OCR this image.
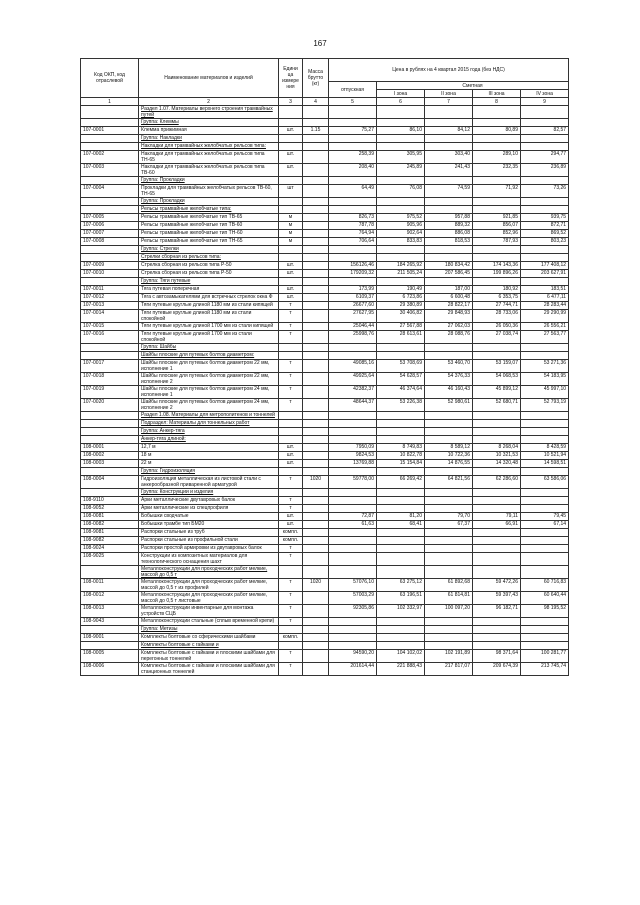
167
Код ОКП, код отраслевой	Наименование материалов и изделий	Едини ца измере ния	Масса брутто (кг)	Цена в рублях на 4 квартал 2015 года (без НДС)				
				отпускная	Сметная			
					I зона	II зона	III зона	IV зона
1	2	3	4	5	6	7	8	9
	Раздел 1.07. Материалы верхнего строения трамвайных путей							
	Группа: Клеммы							
107-0001	Клемма прижимная	шт.	1.15	75,27	86,10	84,12	80,89	82,57
	Группа: Накладки							
	Накладки для трамвайных желобчатых рельсов типа:							
107-0002	Накладки для трамвайных желобчатых рельсов типа ТН-65	шт.		258,39	305,95	303,40	289,10	294,77
107-0003	Накладки для трамвайных желобчатых рельсов типа ТВ-60	шт.		208,40	245,89	241,43	232,35	236,89
	Группа: Прокладки							
107-0004	Прокладки для трамвайных желобчатых рельсов ТВ-60, ТН-65	шт		64,49	76,08	74,59	71,92	73,26
	Группа: Прокладки							
	Рельсы трамвайные желобчатые типа:							
107-0005	Рельсы трамвайные желобчатые тип ТВ-65	м		826,73	975,52	957,88	921,85	939,75
107-0006	Рельсы трамвайные желобчатые тип ТВ-60	м		787,78	905,96	889,32	856,07	872,71
107-0007	Рельсы трамвайные желобчатые тип ТН-60	м		764,94	902,64	886,08	852,96	869,52
107-0008	Рельсы трамвайные желобчатые тип ТН-65	м		706,64	833,83	818,53	787,93	803,23
	Группа: Стрелки							
	Стрелки сборная из рельсов типа:							
107-0009	Стрелка сборная из рельсов типа Р-50	шт.		156126,46	184 265,92	180 834,42	174 143,36	177 408,12
107-0010	Стрелка сборная из рельсов типа Р-50	шт.		179209,32	211 505,24	207 586,45	199 896,26	203 627,91
	Группа: Тяги путевые							
107-0011	Тяга путевая поперечная	шт.		173,99	190,49	187,00	180,92	183,51
107-0012	Тяга с автозамыкателями для встречных стрелок окна Ф	шт.		6109,37	6 723,86	6 600,48	6 353,75	6 477,11
107-0013	Тяги путевые круглые длиной 1180 мм из стали кипящей	т		26677,60	29 380,89	28 822,17	27 744,71	28 283,44
107-0014	Тяги путевые круглые длиной 1180 мм из стали спокойной	т		27627,95	30 406,82	29 848,93	28 733,06	29 290,99
107-0015	Тяги путевые круглые длиной 1700 мм из стали кипящей	т		25046,44	27 567,88	27 062,03	26 050,36	26 556,21
107-0016	Тяги путевые круглые длиной 1700 мм из стали спокойной	т		25998,76	28 613,61	28 088,76	27 038,74	27 563,77
	Группа: Шайбы							
	Шайбы плоские для путевых болтов диаметром:							
107-0017	Шайбы плоские для путевых болтов диаметром 22 мм, исполнение 1	т		49085,16	53 708,69	53 460,70	53 159,07	53 271,36
107-0018	Шайбы плоские для путевых болтов диаметром 22 мм, исполнение 2	т		49925,64	54 628,57	54 376,33	54 068,53	54 183,95
107-0019	Шайбы плоские для путевых болтов диаметром 24 мм, исполнение 1	т		42382,37	46 374,64	46 160,43	45 899,12	45 997,10
107-0020	Шайбы плоские для путевых болтов диаметром 24 мм, исполнение 2	т		48644,37	53 226,38	52 980,61	52 680,71	52 793,19
	Раздел 1.08. Материалы для метрополитенов и тоннелей							
	Подраздел: Материалы для тоннельных работ							
	Группа: Анкер-тяга							
	Анкер-тяга длиной:							
108-0001	12,7 м	шт.		7950,09	8 749,83	8 589,12	8 268,04	8 428,59
108-0002	18 м	шт.		9824,53	10 822,78	10 722,36	10 321,53	10 521,94
108-0003	22 м	шт.		13769,88	15 154,84	14 876,55	14 320,48	14 598,51
	Группа: Гидроизоляция							
108-0004	Гидроизоляция металлическая из листовой стали с анкерообразной приваренной арматурой	т	1020	59778,00	66 269,42	64 821,56	62 286,60	63 586,06
	Группа: Конструкции и изделия							
108-9110	Арки металлические двутавровых балок	т						
108-9052	Арки металлические из спецпрофиля	т						
108-0081	Бобышки сводчатые	шт.		72,87	81,20	79,70	79,11	79,45
108-0082	Бобышки трамбе тип БМ20	шт.		61,63	68,41	67,37	66,91	67,14
108-9081	Распорки стальные из труб	компл.						
108-9082	Распорки стальные из профильной стали	компл.						
108-9024	Распорки простой армировки из двутавровых балок	т						
108-9025	Конструкции из композитных материалов для технологического оснащения шахт	т						
	Металлоконструкции для проходческих работ мелкие, массой до 0,5 т							
108-0011	Металлоконструкции для проходческих работ мелкие, массой до 0,5 т из профилей	т	1020	57076,10	63 275,12	61 892,68	59 472,26	60 716,83
108-0012	Металлоконструкции для проходческих работ мелкие, массой до 0,5 т листовые	т		57003,29	63 196,51	61 814,81	59 397,43	60 640,44
108-0013	Металлоконструкции инвентарные для монтажа устройств СЦБ	т		92305,86	102 332,97	100 097,20	96 182,71	98 195,52
108-9043	Металлоконструкции стальные (сплыв временной крепи)	т						
	Группа: Метизы							
108-9001	Комплекты болтовые со сферическими шайбами	компл.						
	Комплекты болтовые с гайками и							
108-0005	Комплекты болтовые с гайками и плоскими шайбами для перегонных тоннелей	т		94590,20	104 102,02	102 191,89	98 371,64	100 281,77
108-0006	Комплекты болтовые с гайками и плоскими шайбами для станционных тоннелей	т		201614,44	221 888,43	217 817,07	209 674,39	213 745,74
